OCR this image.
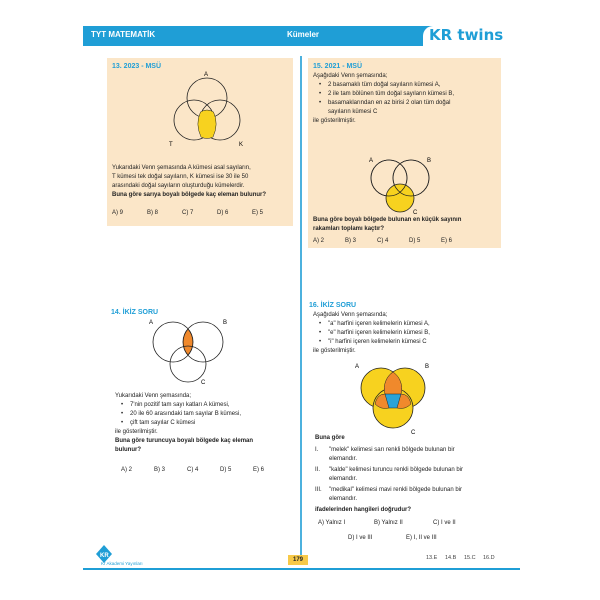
TYT MATEMATİK	Kümeler	KR twins
13. 2023 - MSÜ
A
T	K
Yukarıdaki Venn şemasında A kümesi asal sayıların,
T kümesi tek doğal sayıların, K kümesi ise 30 ile 50
arasındaki doğal sayıların oluşturduğu kümelerdir.
Buna göre sarıya boyalı bölgede kaç eleman bulunur?
A) 9	B) 8	C) 7	D) 6	E) 5
15. 2021 - MSÜ
Aşağıdaki Venn şemasında;
• 2 basamaklı tüm doğal sayıların kümesi A,
• 2 ile tam bölünen tüm doğal sayıların kümesi B,
• basamaklarından en az birisi 2 olan tüm doğal
sayıların kümesi C
ile gösterilmiştir.
A	B
C
Buna göre boyalı bölgede bulunan en küçük sayının
rakamları toplamı kaçtır?
A) 2	B) 3	C) 4	D) 5	E) 6
14. İKİZ SORU
A	B
C
Yukarıdaki Venn şemasında;
• 7'nin pozitif tam sayı katları A kümesi,
• 20 ile 60 arasındaki tam sayılar B kümesi,
• çift tam sayılar C kümesi
ile gösterilmiştir.
Buna göre turuncuya boyalı bölgede kaç eleman
bulunur?
A) 2	B) 3	C) 4	D) 5	E) 6
16. İKİZ SORU
Aşağıdaki Venn şemasında;
• "a" harfini içeren kelimelerin kümesi A,
• "e" harfini içeren kelimelerin kümesi B,
• "i" harfini içeren kelimelerin kümesi C
ile gösterilmiştir.
A	B
C
Buna göre
I. "melek" kelimesi sarı renkli bölgede bulunan bir
elemandır.
II. "kalde" kelimesi turuncu renkli bölgede bulunan bir
elemandır.
III. "medikal" kelimesi mavi renkli bölgede bulunan bir
elemandır.
ifadelerinden hangileri doğrudur?
A) Yalnız I	B) Yalnız II	C) I ve II
D) I ve III	E) I, II ve III
KR
Kr Akademi Yayınları
179	13.E 14.B 15.C 16.D
